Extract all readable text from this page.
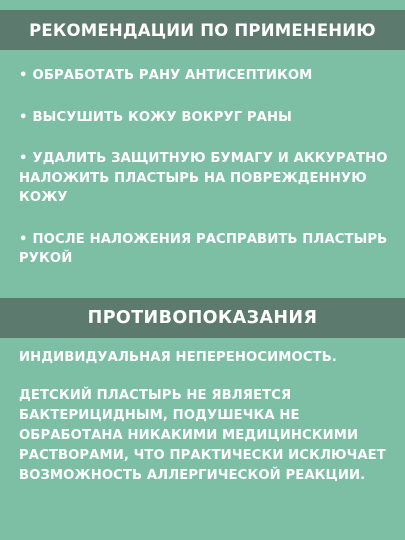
РЕКОМЕНДАЦИИ ПО ПРИМЕНЕНИЮ
• ОБРАБОТАТЬ РАНУ АНТИСЕПТИКОМ
• ВЫСУШИТЬ КОЖУ ВОКРУГ РАНЫ
• УДАЛИТЬ ЗАЩИТНУЮ БУМАГУ И АККУРАТНО НАЛОЖИТЬ ПЛАСТЫРЬ НА ПОВРЕЖДЕННУЮ КОЖУ
• ПОСЛЕ НАЛОЖЕНИЯ РАСПРАВИТЬ ПЛАСТЫРЬ РУКОЙ
ПРОТИВОПОКАЗАНИЯ

ИНДИВИДУАЛЬНАЯ НЕПЕРЕНОСИМОСТЬ.

ДЕТСКИЙ ПЛАСТЫРЬ НЕ ЯВЛЯЕТСЯ БАКТЕРИЦИДНЫМ, ПОДУШЕЧКА НЕ ОБРАБОТАНА НИКАКИМИ МЕДИЦИНСКИМИ РАСТВОРАМИ, ЧТО ПРАКТИЧЕСКИ ИСКЛЮЧАЕТ ВОЗМОЖНОСТЬ АЛЛЕРГИЧЕСКОЙ РЕАКЦИИ.
